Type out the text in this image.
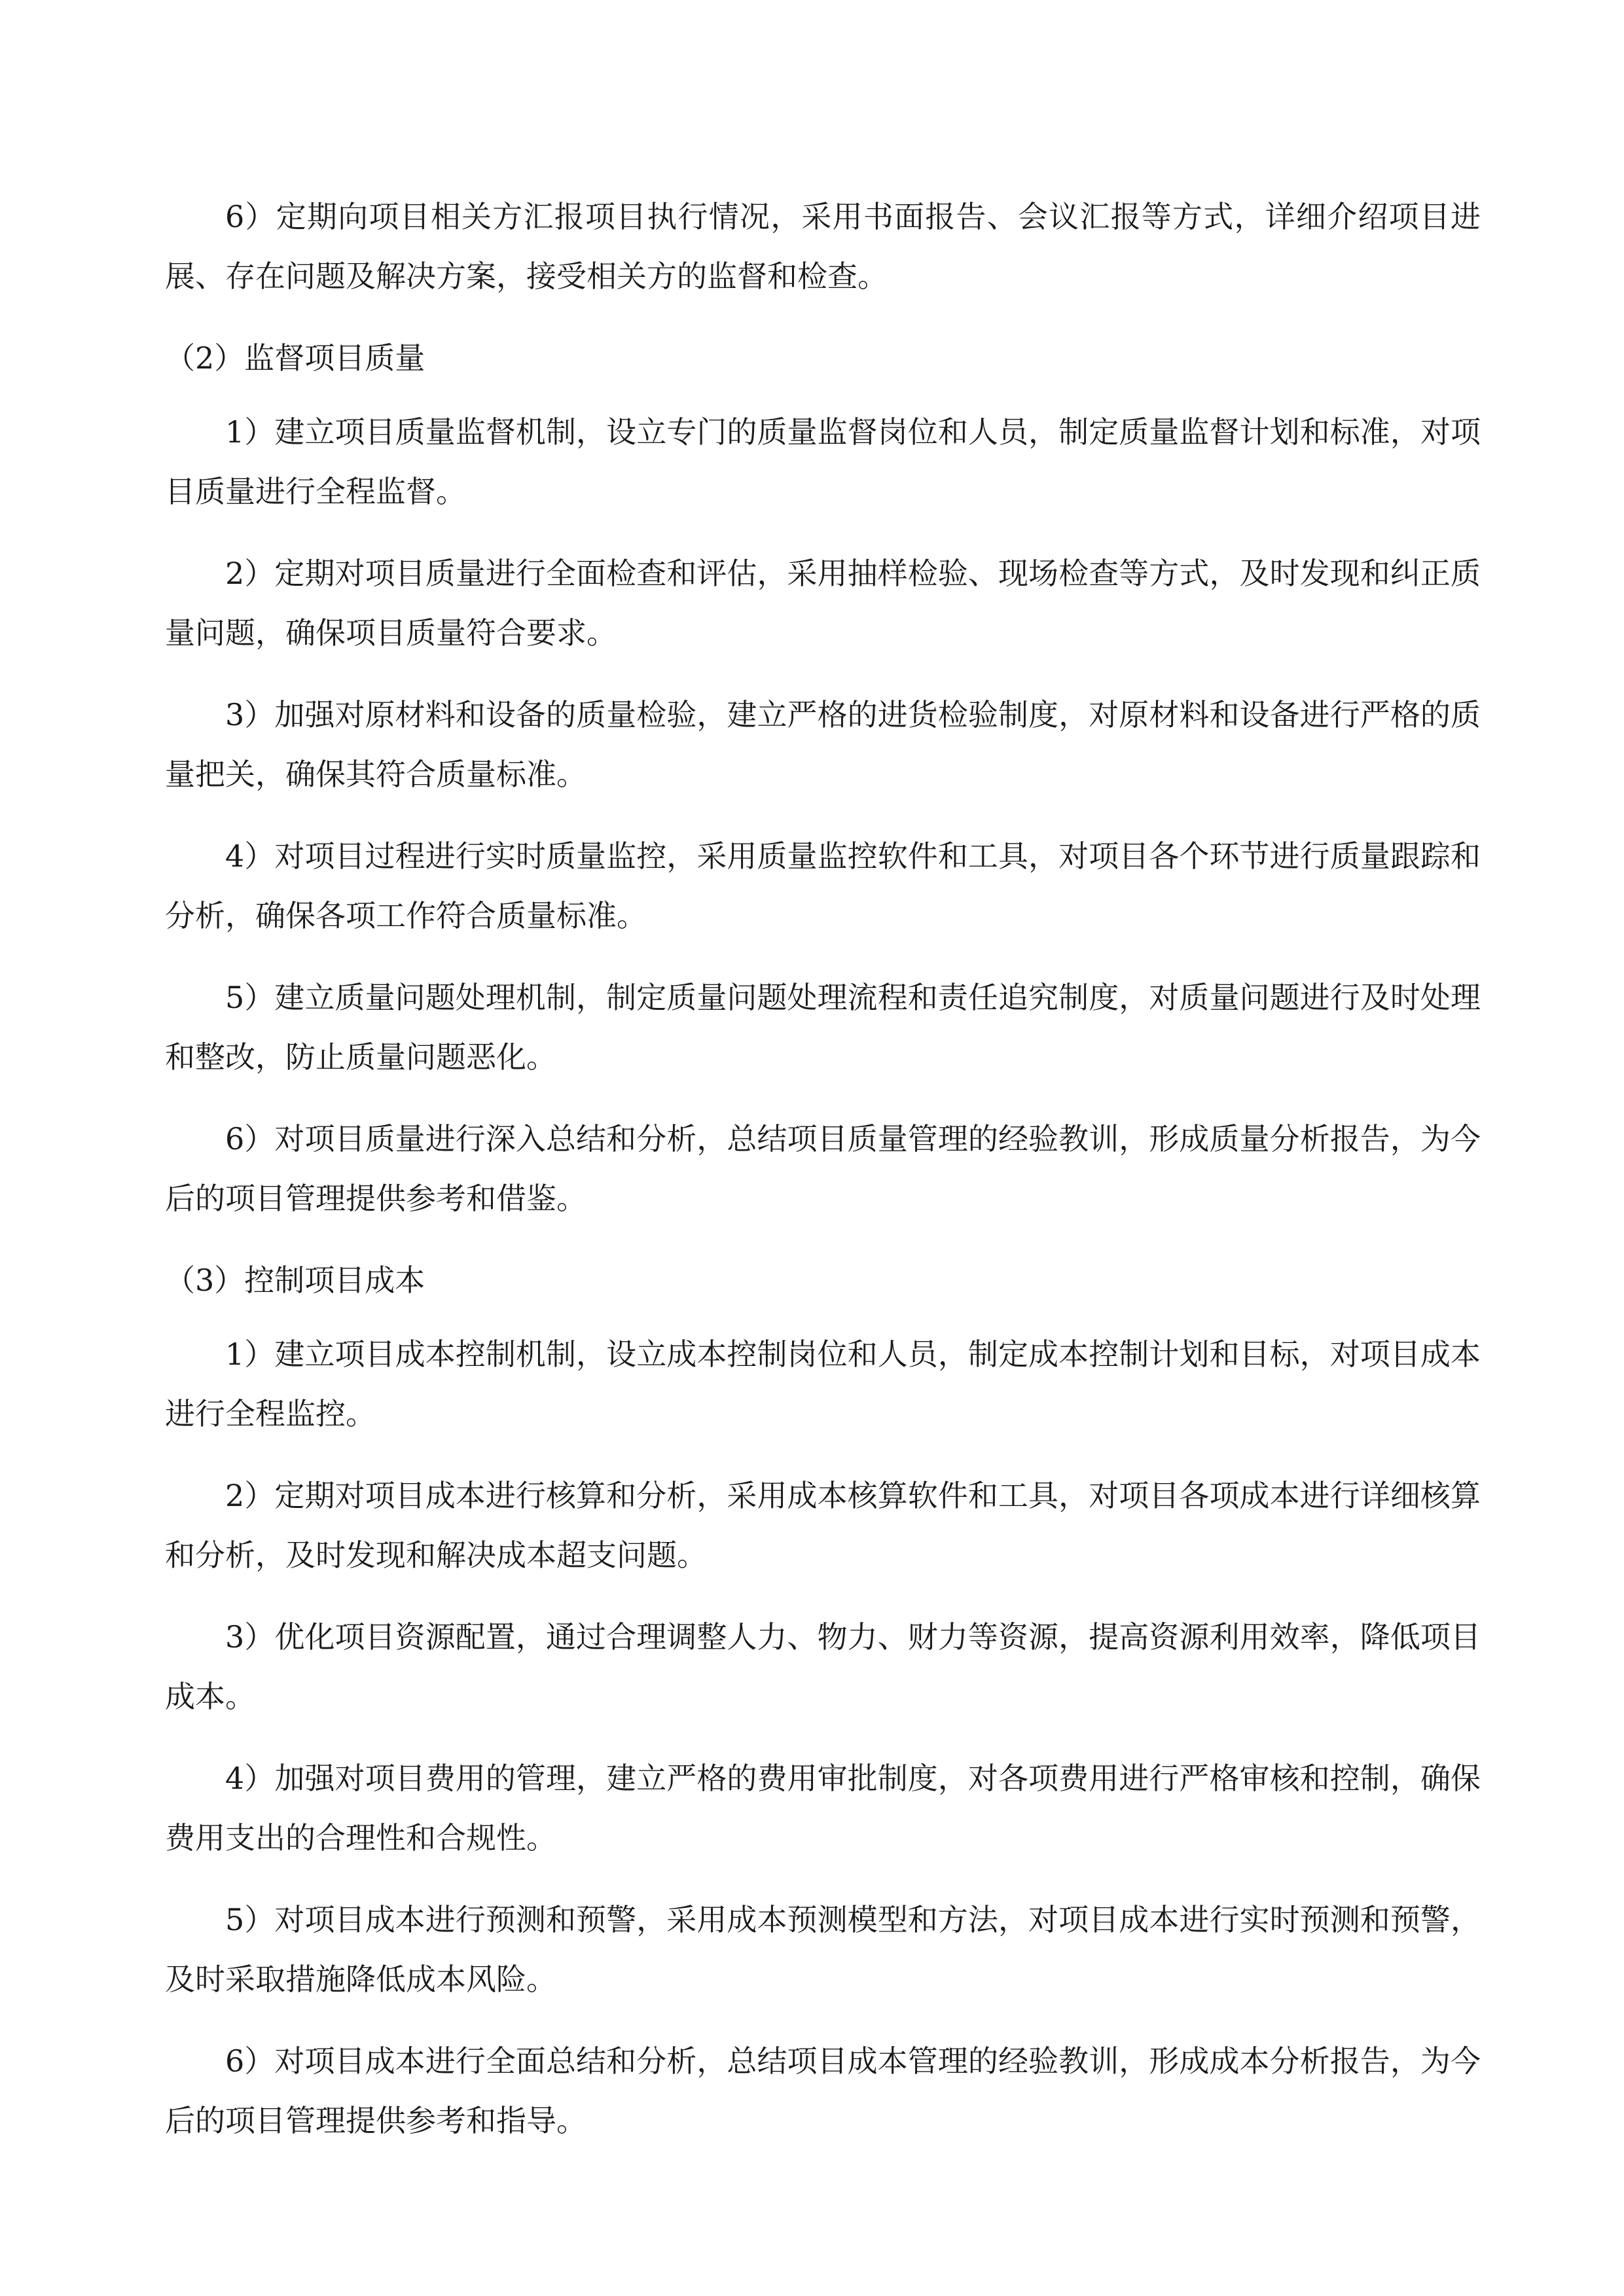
6）定期向项目相关方汇报项目执行情况，采用书面报告、会议汇报等方式，详细介绍项目进展、存在问题及解决方案，接受相关方的监督和检查。

（2）监督项目质量

1）建立项目质量监督机制，设立专门的质量监督岗位和人员，制定质量监督计划和标准，对项目质量进行全程监督。

2）定期对项目质量进行全面检查和评估，采用抽样检验、现场检查等方式，及时发现和纠正质量问题，确保项目质量符合要求。

3）加强对原材料和设备的质量检验，建立严格的进货检验制度，对原材料和设备进行严格的质量把关，确保其符合质量标准。

4）对项目过程进行实时质量监控，采用质量监控软件和工具，对项目各个环节进行质量跟踪和分析，确保各项工作符合质量标准。

5）建立质量问题处理机制，制定质量问题处理流程和责任追究制度，对质量问题进行及时处理和整改，防止质量问题恶化。

6）对项目质量进行深入总结和分析，总结项目质量管理的经验教训，形成质量分析报告，为今后的项目管理提供参考和借鉴。

（3）控制项目成本

1）建立项目成本控制机制，设立成本控制岗位和人员，制定成本控制计划和目标，对项目成本进行全程监控。

2）定期对项目成本进行核算和分析，采用成本核算软件和工具，对项目各项成本进行详细核算和分析，及时发现和解决成本超支问题。

3）优化项目资源配置，通过合理调整人力、物力、财力等资源，提高资源利用效率，降低项目成本。

4）加强对项目费用的管理，建立严格的费用审批制度，对各项费用进行严格审核和控制，确保费用支出的合理性和合规性。

5）对项目成本进行预测和预警，采用成本预测模型和方法，对项目成本进行实时预测和预警，及时采取措施降低成本风险。

6）对项目成本进行全面总结和分析，总结项目成本管理的经验教训，形成成本分析报告，为今后的项目管理提供参考和指导。
